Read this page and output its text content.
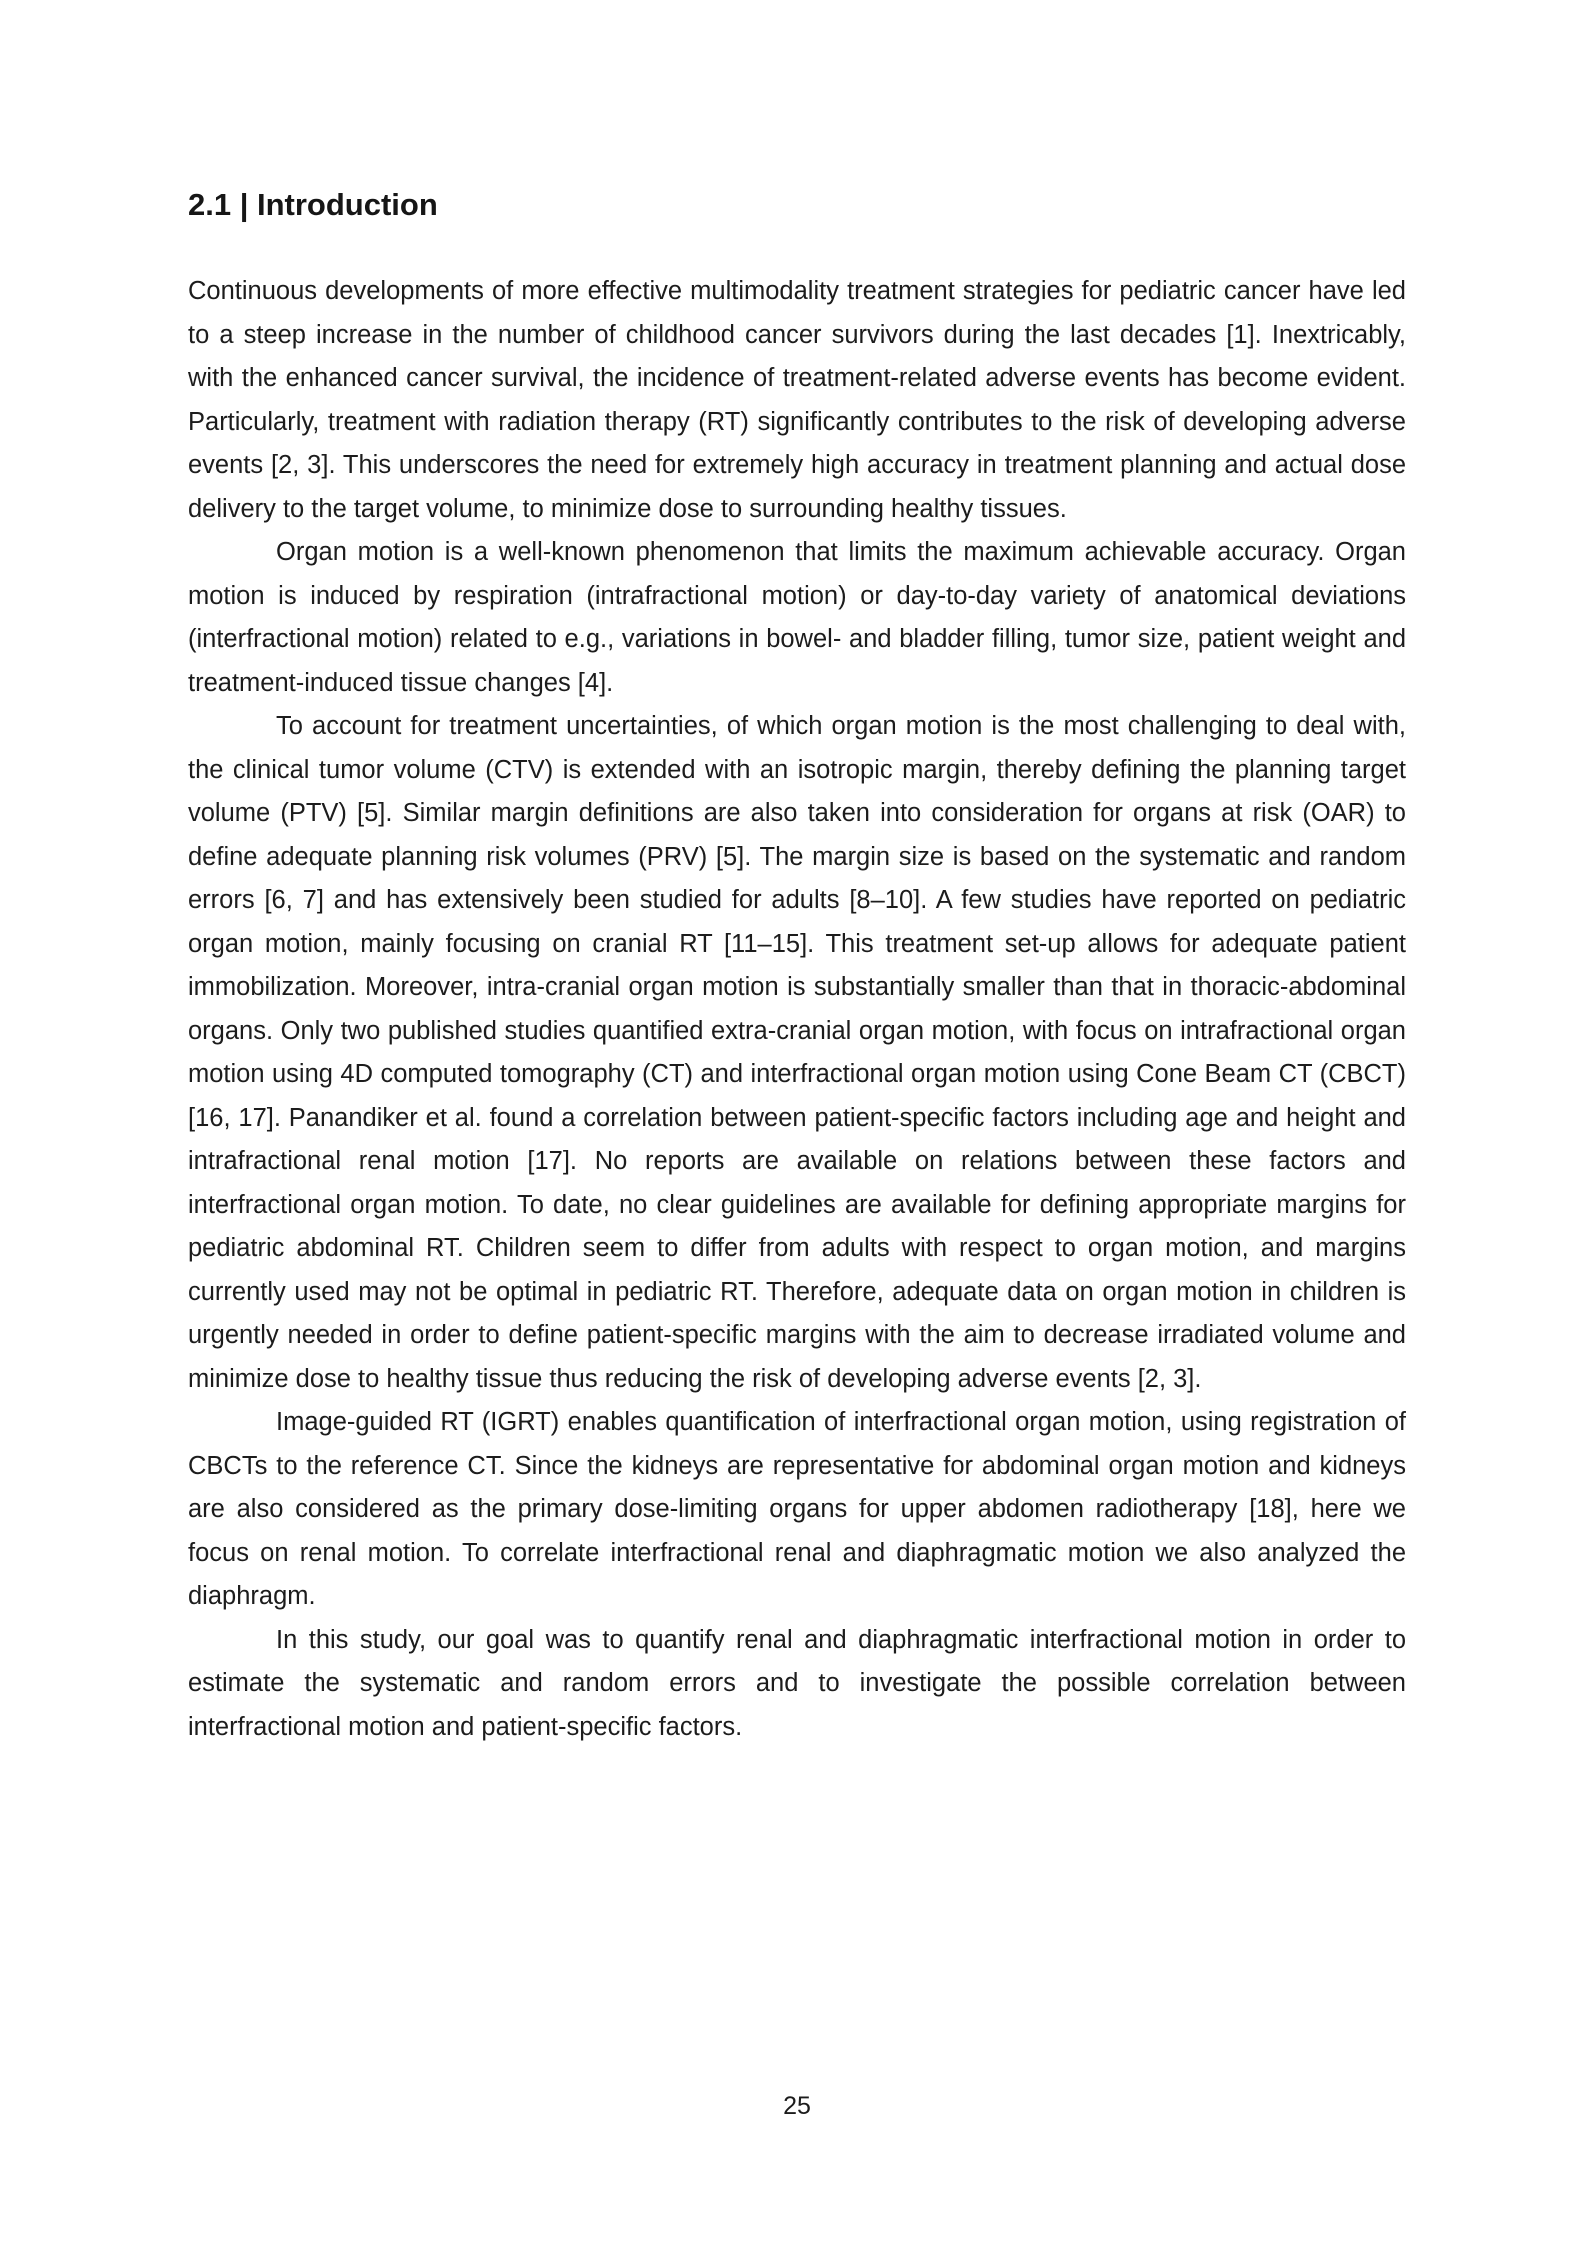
2.1 | Introduction

Continuous developments of more effective multimodality treatment strategies for pediatric cancer have led to a steep increase in the number of childhood cancer survivors during the last decades [1]. Inextricably, with the enhanced cancer survival, the incidence of treatment-related adverse events has become evident. Particularly, treatment with radiation therapy (RT) significantly contributes to the risk of developing adverse events [2, 3]. This underscores the need for extremely high accuracy in treatment planning and actual dose delivery to the target volume, to minimize dose to surrounding healthy tissues.

Organ motion is a well-known phenomenon that limits the maximum achievable accuracy. Organ motion is induced by respiration (intrafractional motion) or day-to-day variety of anatomical deviations (interfractional motion) related to e.g., variations in bowel- and bladder filling, tumor size, patient weight and treatment-induced tissue changes [4].

To account for treatment uncertainties, of which organ motion is the most challenging to deal with, the clinical tumor volume (CTV) is extended with an isotropic margin, thereby defining the planning target volume (PTV) [5]. Similar margin definitions are also taken into consideration for organs at risk (OAR) to define adequate planning risk volumes (PRV) [5]. The margin size is based on the systematic and random errors [6, 7] and has extensively been studied for adults [8–10]. A few studies have reported on pediatric organ motion, mainly focusing on cranial RT [11–15]. This treatment set-up allows for adequate patient immobilization. Moreover, intra-cranial organ motion is substantially smaller than that in thoracic-abdominal organs. Only two published studies quantified extra-cranial organ motion, with focus on intrafractional organ motion using 4D computed tomography (CT) and interfractional organ motion using Cone Beam CT (CBCT) [16, 17]. Panandiker et al. found a correlation between patient-specific factors including age and height and intrafractional renal motion [17]. No reports are available on relations between these factors and interfractional organ motion. To date, no clear guidelines are available for defining appropriate margins for pediatric abdominal RT. Children seem to differ from adults with respect to organ motion, and margins currently used may not be optimal in pediatric RT. Therefore, adequate data on organ motion in children is urgently needed in order to define patient-specific margins with the aim to decrease irradiated volume and minimize dose to healthy tissue thus reducing the risk of developing adverse events [2, 3].

Image-guided RT (IGRT) enables quantification of interfractional organ motion, using registration of CBCTs to the reference CT. Since the kidneys are representative for abdominal organ motion and kidneys are also considered as the primary dose-limiting organs for upper abdomen radiotherapy [18], here we focus on renal motion. To correlate interfractional renal and diaphragmatic motion we also analyzed the diaphragm.

In this study, our goal was to quantify renal and diaphragmatic interfractional motion in order to estimate the systematic and random errors and to investigate the possible correlation between interfractional motion and patient-specific factors.

25
